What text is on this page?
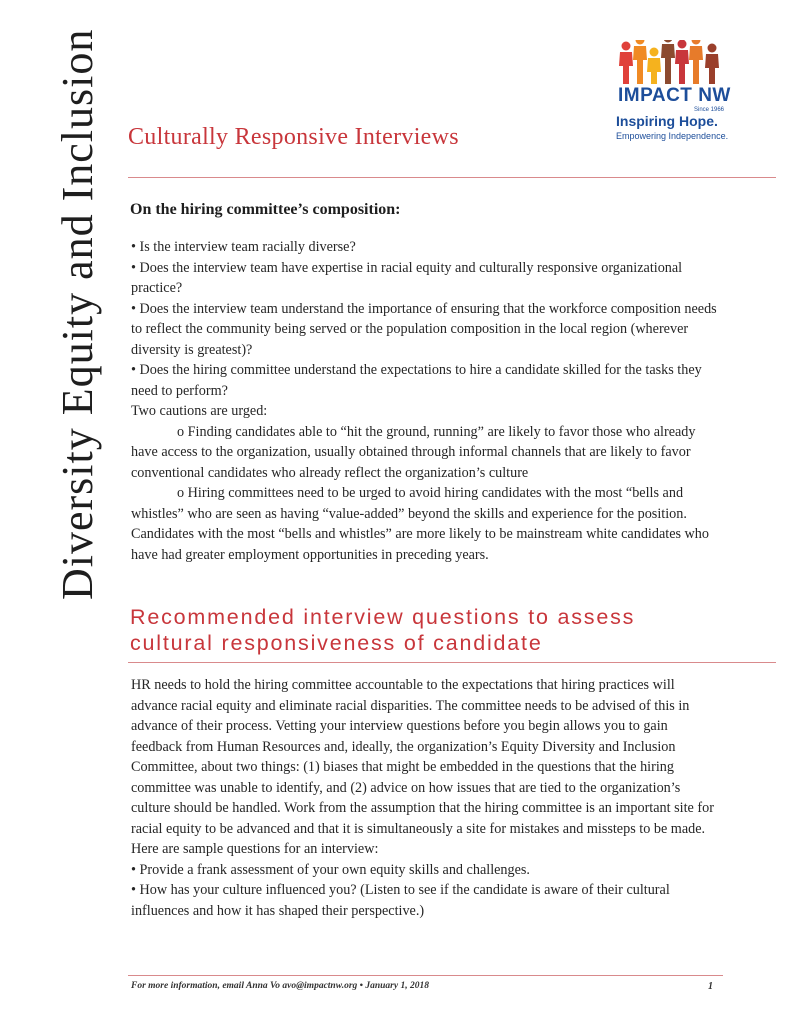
Diversity Equity and Inclusion	IMPACT NW
Since 1966
Inspiring Hope.
Empowering Independence.
Culturally Responsive Interviews
On the hiring committee’s composition:

• Is the interview team racially diverse?

• Does the interview team have expertise in racial equity and culturally responsive organizational practice?

• Does the interview team understand the importance of ensuring that the workforce composition needs to reflect the community being served or the population composition in the local region (wherever diversity is greatest)?

• Does the hiring committee understand the expectations to hire a candidate skilled for the tasks they need to perform?

Two cautions are urged:

o Finding candidates able to “hit the ground, running” are likely to favor those who already have access to the organization, usually obtained through informal channels that are likely to favor conventional candidates who already reflect the organization’s culture

o Hiring committees need to be urged to avoid hiring candidates with the most “bells and whistles” who are seen as having “value-added” beyond the skills and experience for the position. Candidates with the most “bells and whistles” are more likely to be mainstream white candidates who have had greater employment opportunities in preceding years.

Recommended interview questions to assess
cultural responsiveness of candidate

HR needs to hold the hiring committee accountable to the expectations that hiring practices will advance racial equity and eliminate racial disparities. The committee needs to be advised of this in advance of their process. Vetting your interview questions before you begin allows you to gain feedback from Human Resources and, ideally, the organization’s Equity Diversity and Inclusion Committee, about two things: (1) biases that might be embedded in the questions that the hiring committee was unable to identify, and (2) advice on how issues that are tied to the organization’s culture should be handled. Work from the assumption that the hiring committee is an important site for racial equity to be advanced and that it is simultaneously a site for mistakes and missteps to be made.

Here are sample questions for an interview:

• Provide a frank assessment of your own equity skills and challenges.

• How has your culture influenced you? (Listen to see if the candidate is aware of their cultural influences and how it has shaped their perspective.)

For more information, email Anna Vo avo@impactnw.org • January 1, 2018	1
